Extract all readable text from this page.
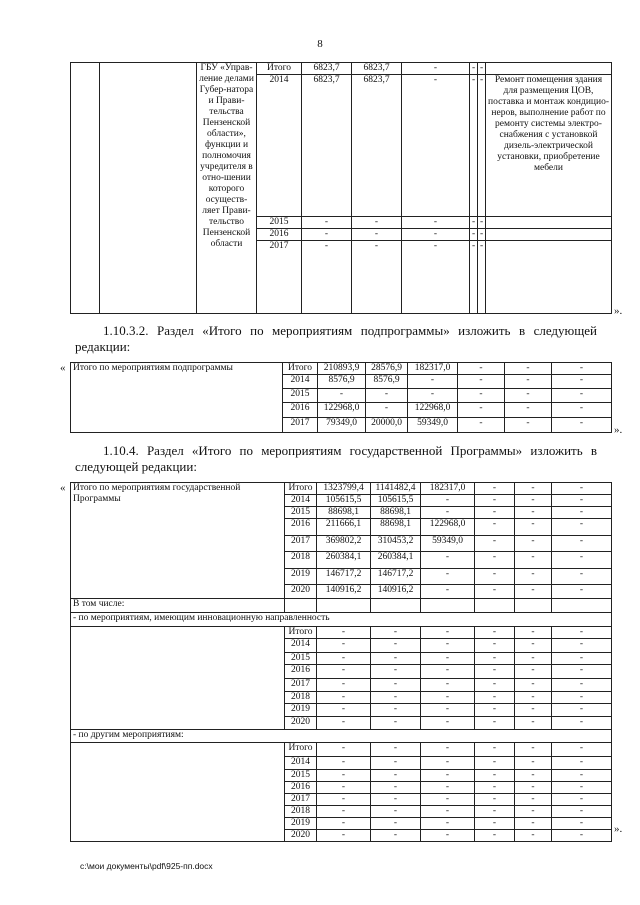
8
		ГБУ «Управ-ление делами Губер-натора и Прави-тельства Пензенской области», функции и полномочия учредителя в отно-шении которого осуществ-ляет Прави-тельство Пензенской области	Итого	6823,7	6823,7	-	-	-	
			2014	6823,7	6823,7	-	-	-	Ремонт помещения здания для размещения ЦОВ, поставка и монтаж кондицио-неров, выполнение работ по ремонту системы электро-снабжения с установкой дизель-электрической установки, приобретение мебели
			2015	-	-	-	-	-	
			2016	-	-	-	-	-	
			2017	-	-	-	-	-	
».
1.10.3.2. Раздел «Итого по мероприятиям подпрограммы» изложить в следующей редакции:
« Итого по мероприятиям подпрограммы	Итого	210893,9	28576,9	182317,0	-	-	-
	2014	8576,9	8576,9	-	-	-	-
	2015	-	-	-	-	-	-
	2016	122968,0	-	122968,0	-	-	-
	2017	79349,0	20000,0	59349,0	-	-	-
».
1.10.4. Раздел «Итого по мероприятиям государственной Программы» изложить в следующей редакции:
« Итого по мероприятиям государственной Программы	Итого	1323799,4	1141482,4	182317,0	-	-	-
	2014	105615,5	105615,5	-	-	-	-
	2015	88698,1	88698,1	-	-	-	-
	2016	211666,1	88698,1	122968,0	-	-	-
	2017	369802,2	310453,2	59349,0	-	-	-
	2018	260384,1	260384,1	-	-	-	-
	2019	146717,2	146717,2	-	-	-	-
	2020	140916,2	140916,2	-	-	-	-
В том числе:							
- по мероприятиям, имеющим инновационную направленность							
	Итого	-	-	-	-	-	-
	2014	-	-	-	-	-	-
	2015	-	-	-	-	-	-
	2016	-	-	-	-	-	-
	2017	-	-	-	-	-	-
	2018	-	-	-	-	-	-
	2019	-	-	-	-	-	-
	2020	-	-	-	-	-	-
- по другим мероприятиям:							
	Итого	-	-	-	-	-	-
	2014	-	-	-	-	-	-
	2015	-	-	-	-	-	-
	2016	-	-	-	-	-	-
	2017	-	-	-	-	-	-
	2018	-	-	-	-	-	-
	2019	-	-	-	-	-	-
	2020	-	-	-	-	-	-	».
c:\мои документы\pdf\925-пп.docx
